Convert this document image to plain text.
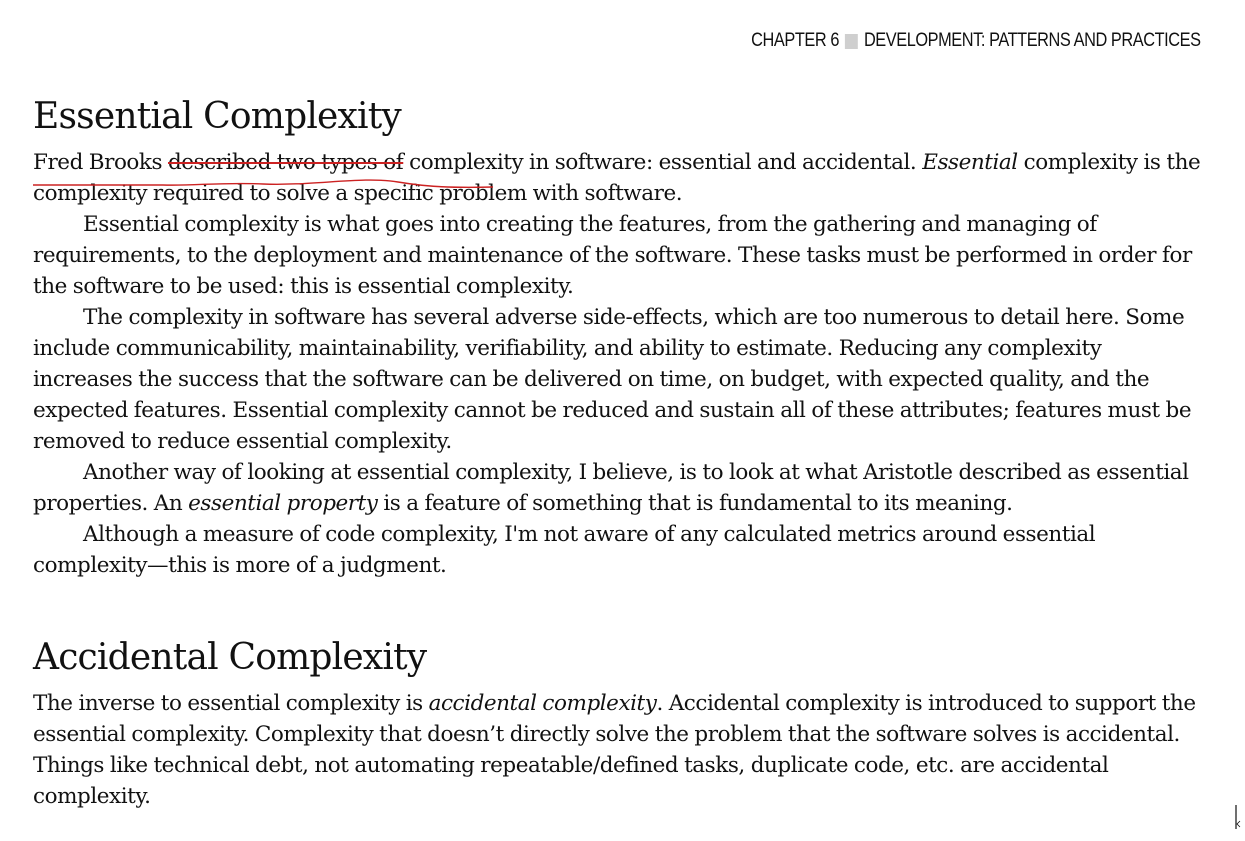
CHAPTER 6 DEVELOPMENT: PATTERNS AND PRACTICES
Essential Complexity

Fred Brooks described two types of complexity in software: essential and accidental. Essential complexity is the complexity required to solve a specific problem with software.

Essential complexity is what goes into creating the features, from the gathering and managing of requirements, to the deployment and maintenance of the software. These tasks must be performed in order for the software to be used: this is essential complexity.

The complexity in software has several adverse side-effects, which are too numerous to detail here. Some include communicability, maintainability, verifiability, and ability to estimate. Reducing any complexity increases the success that the software can be delivered on time, on budget, with expected quality, and the expected features. Essential complexity cannot be reduced and sustain all of these attributes; features must be removed to reduce essential complexity.

Another way of looking at essential complexity, I believe, is to look at what Aristotle described as essential properties. An essential property is a feature of something that is fundamental to its meaning.

Although a measure of code complexity, I'm not aware of any calculated metrics around essential complexity—this is more of a judgment.

Accidental Complexity

The inverse to essential complexity is accidental complexity. Accidental complexity is introduced to support the essential complexity. Complexity that doesn’t directly solve the problem that the software solves is accidental. Things like technical debt, not automating repeatable/defined tasks, duplicate code, etc. are accidental complexity.
